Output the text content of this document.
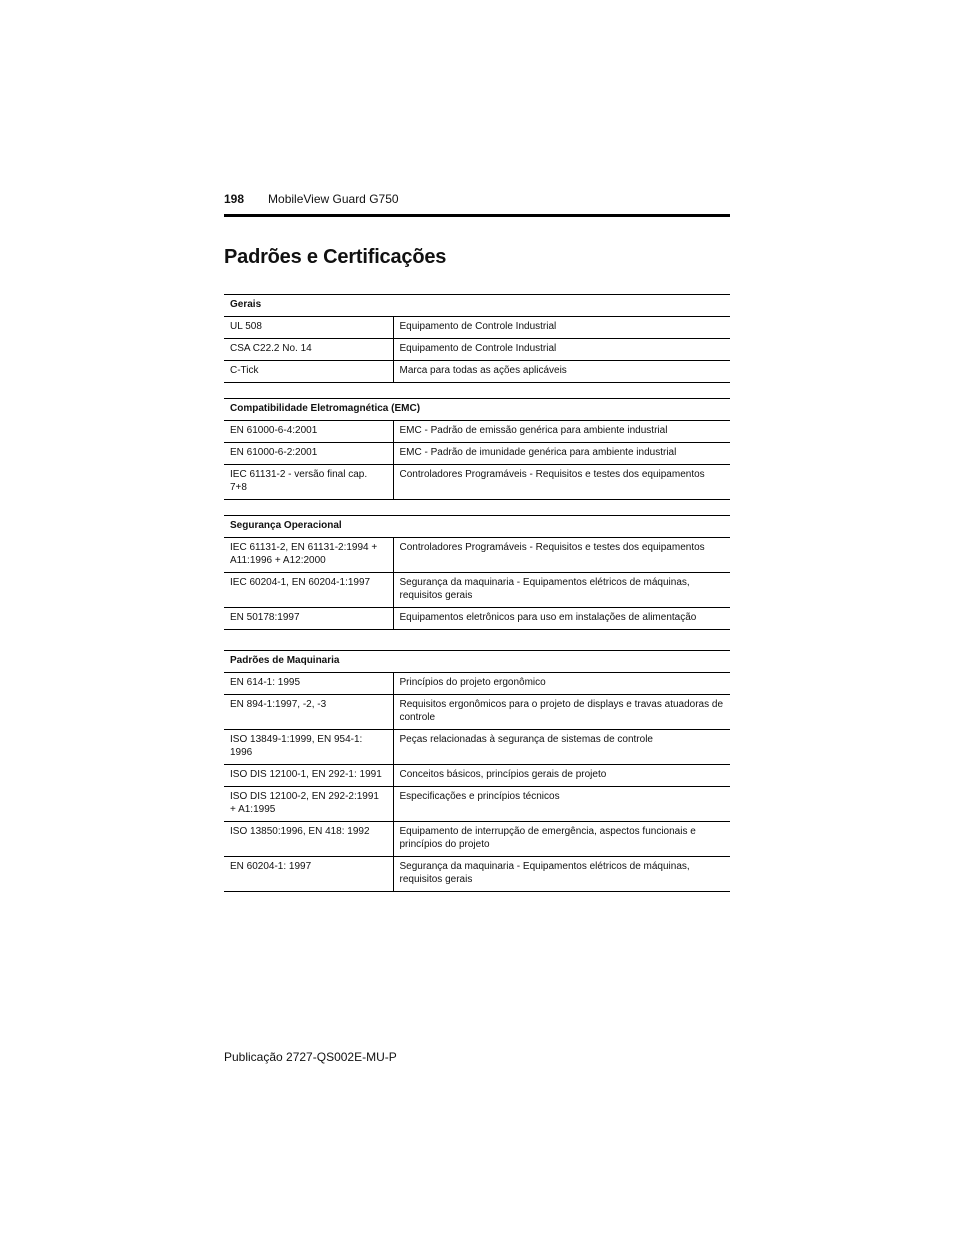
198 MobileView Guard G750
Padrões e Certificações
Gerais	
UL 508	Equipamento de Controle Industrial
CSA C22.2 No. 14	Equipamento de Controle Industrial
C-Tick	Marca para todas as ações aplicáveis
Compatibilidade Eletromagnética (EMC)	
EN 61000-6-4:2001	EMC - Padrão de emissão genérica para ambiente industrial
EN 61000-6-2:2001	EMC - Padrão de imunidade genérica para ambiente industrial
IEC 61131-2 - versão final cap. 7+8	Controladores Programáveis - Requisitos e testes dos equipamentos
Segurança Operacional	
IEC 61131-2, EN 61131-2:1994 + A11:1996 + A12:2000	Controladores Programáveis - Requisitos e testes dos equipamentos
IEC 60204-1, EN 60204-1:1997	Segurança da maquinaria - Equipamentos elétricos de máquinas, requisitos gerais
EN 50178:1997	Equipamentos eletrônicos para uso em instalações de alimentação
Padrões de Maquinaria	
EN 614-1: 1995	Princípios do projeto ergonômico
EN 894-1:1997, -2, -3	Requisitos ergonômicos para o projeto de displays e travas atuadoras de controle
ISO 13849-1:1999, EN 954-1: 1996	Peças relacionadas à segurança de sistemas de controle
ISO DIS 12100-1, EN 292-1: 1991	Conceitos básicos, princípios gerais de projeto
ISO DIS 12100-2, EN 292-2:1991 + A1:1995	Especificações e princípios técnicos
ISO 13850:1996, EN 418: 1992	Equipamento de interrupção de emergência, aspectos funcionais e princípios do projeto
EN 60204-1: 1997	Segurança da maquinaria - Equipamentos elétricos de máquinas, requisitos gerais
Publicação 2727-QS002E-MU-P
